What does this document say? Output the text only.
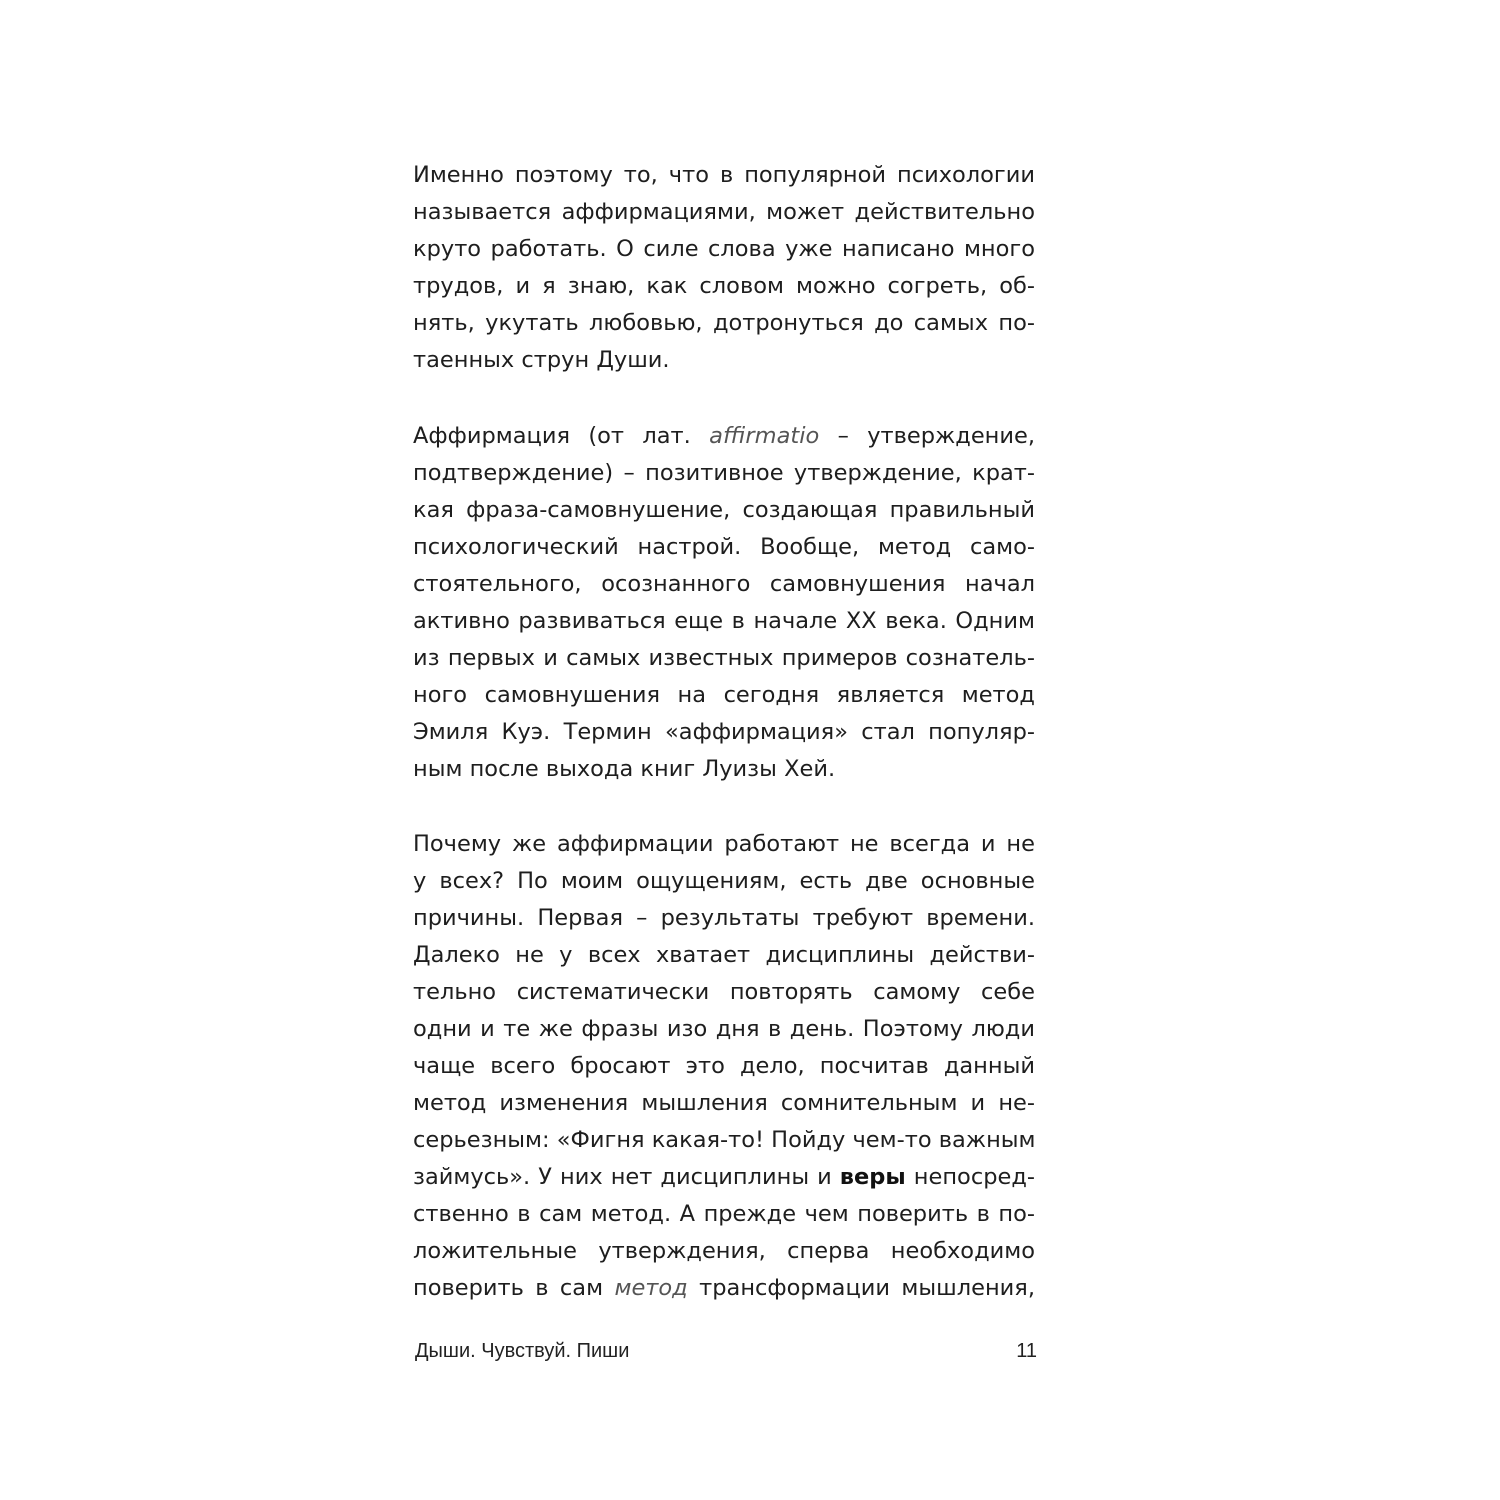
Именно поэтому то, что в популярной психологии
называется аффирмациями, может действительно
круто работать. О силе слова уже написано много
трудов, и я знаю, как словом можно согреть, об-
нять, укутать любовью, дотронуться до самых по-
таенных струн Души.
Аффирмация (от лат. affirmatio – утверждение,
подтверждение) – позитивное утверждение, крат-
кая фраза-самовнушение, создающая правильный
психологический настрой. Вообще, метод само-
стоятельного, осознанного самовнушения начал
активно развиваться еще в начале XX века. Одним
из первых и самых известных примеров сознатель-
ного самовнушения на сегодня является метод
Эмиля Куэ. Термин «аффирмация» стал популяр-
ным после выхода книг Луизы Хей.
Почему же аффирмации работают не всегда и не
у всех? По моим ощущениям, есть две основные
причины. Первая – результаты требуют времени.
Далеко не у всех хватает дисциплины действи-
тельно систематически повторять самому себе
одни и те же фразы изо дня в день. Поэтому люди
чаще всего бросают это дело, посчитав данный
метод изменения мышления сомнительным и не-
серьезным: «Фигня какая-то! Пойду чем-то важным
займусь». У них нет дисциплины и веры непосред-
ственно в сам метод. А прежде чем поверить в по-
ложительные утверждения, сперва необходимо
поверить в сам метод трансформации мышления,
Дыши. Чувствуй. Пиши	11
